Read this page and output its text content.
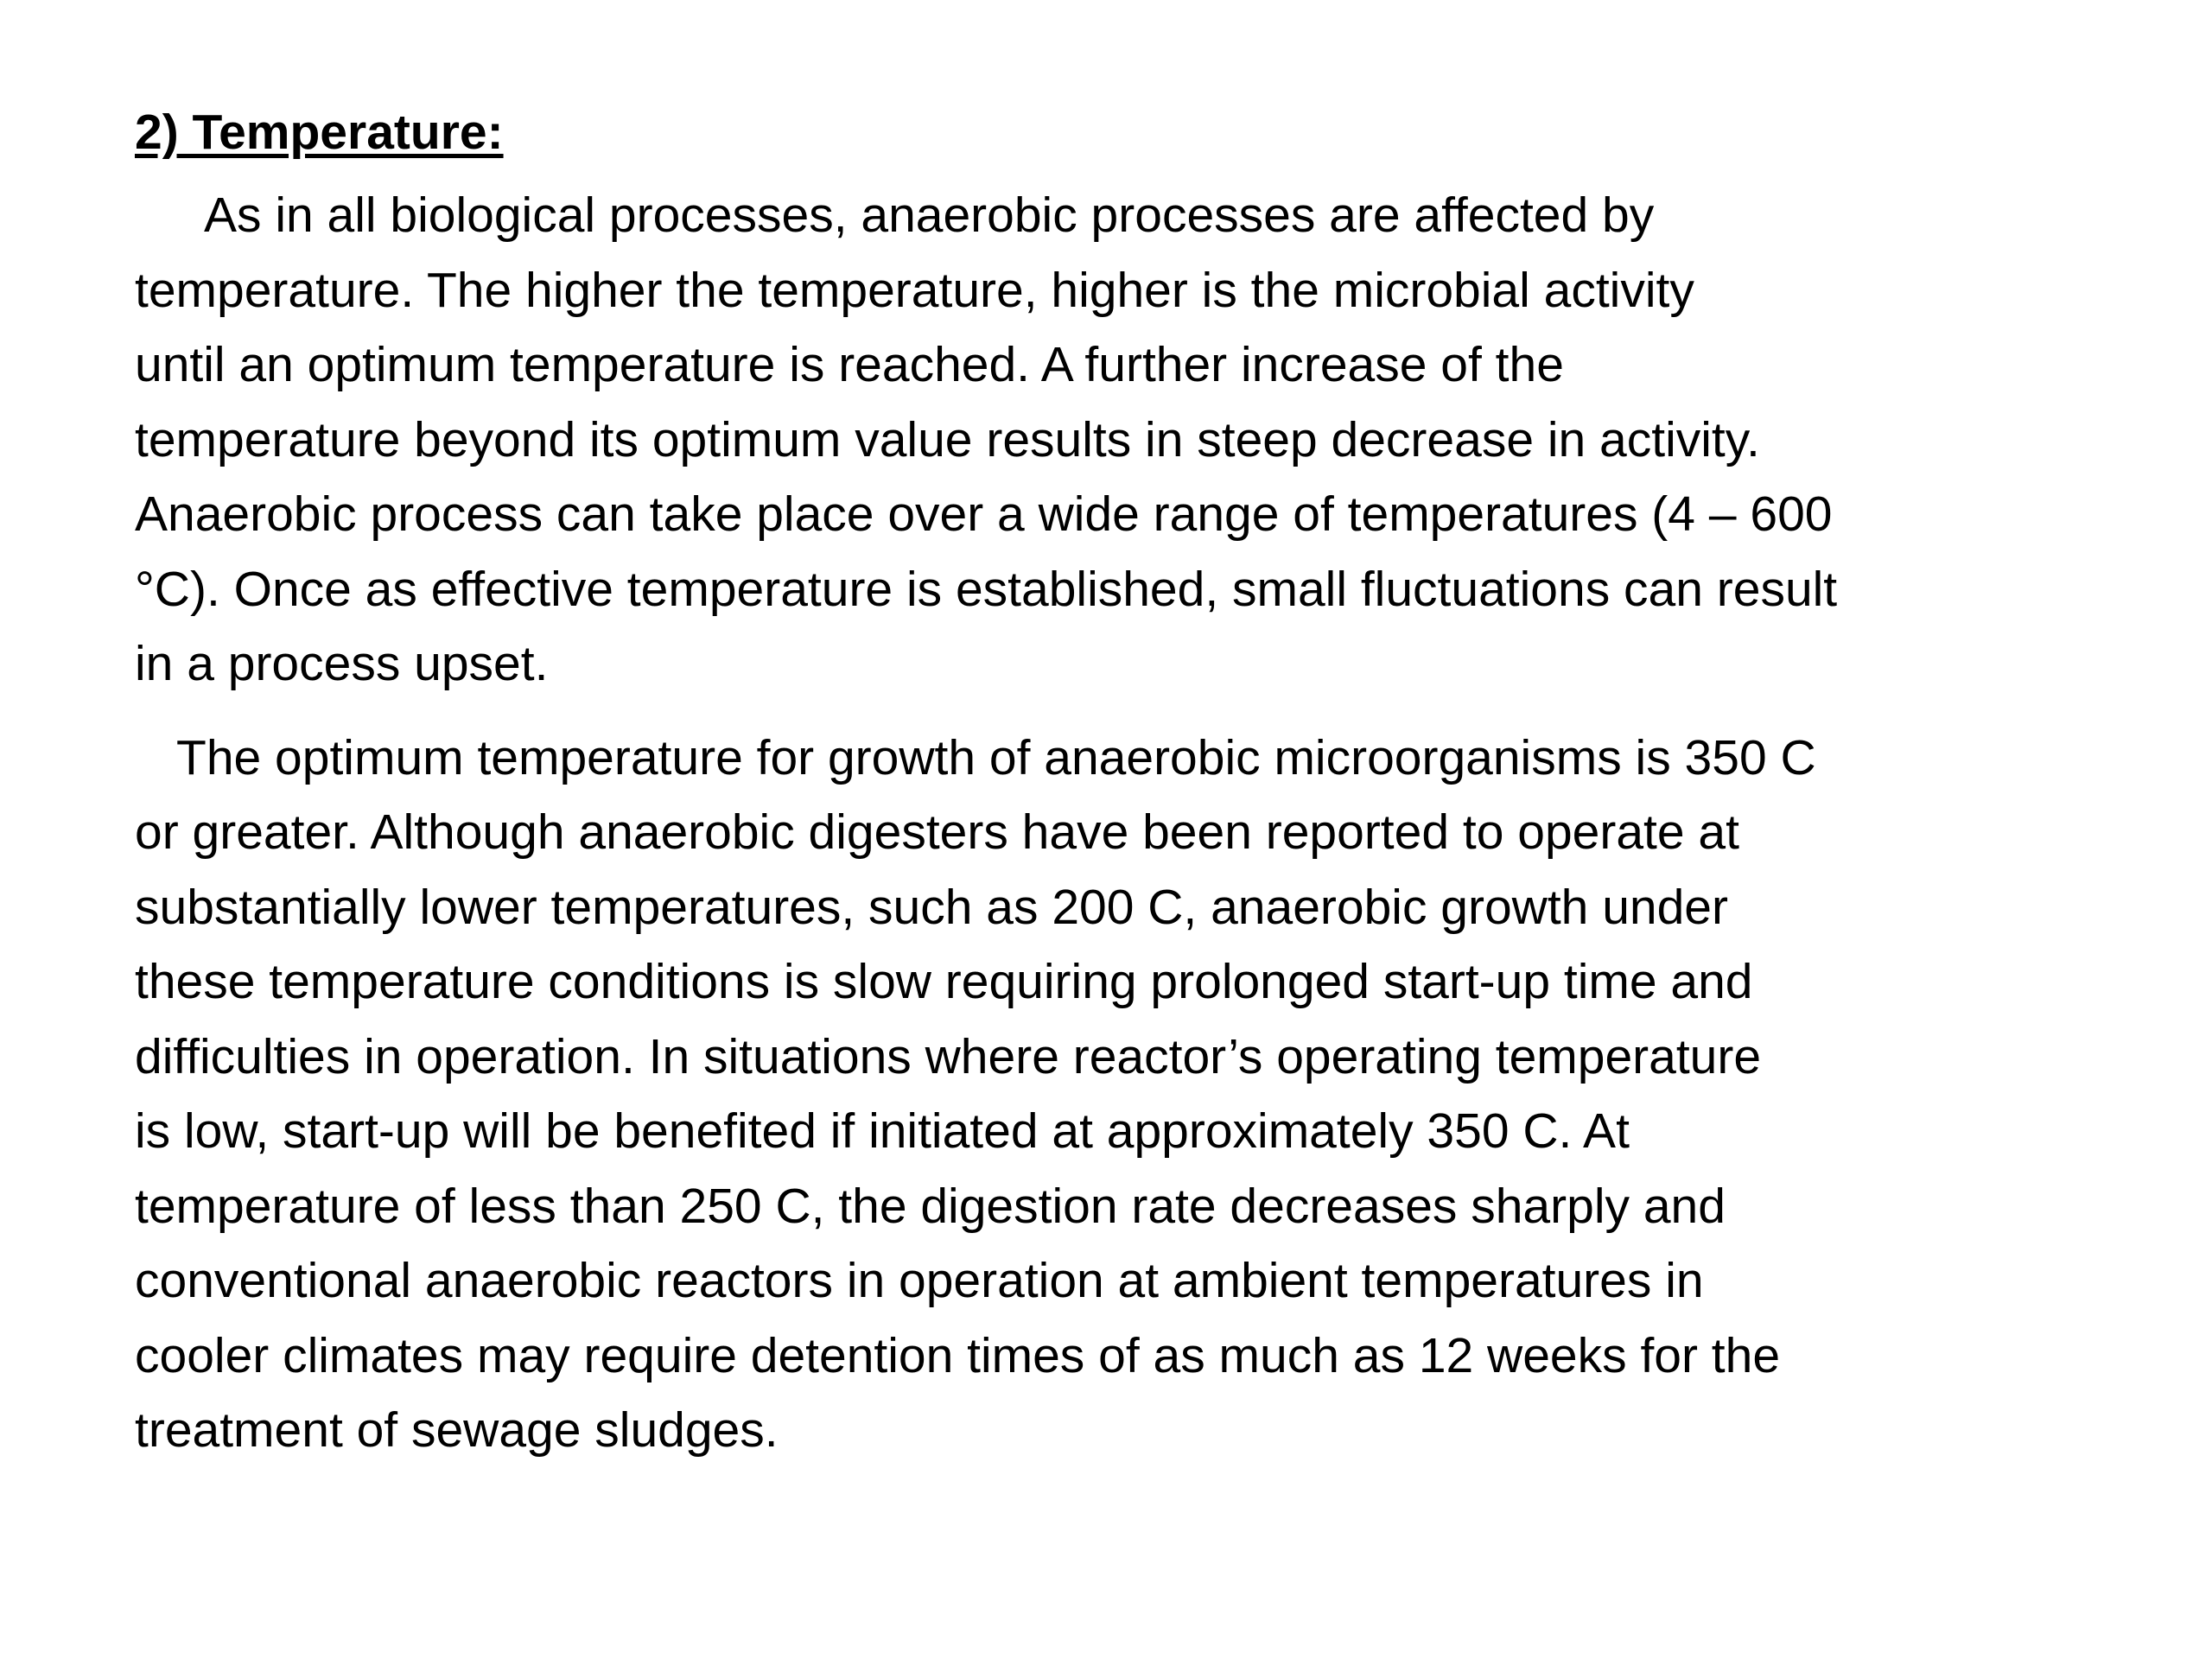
2) Temperature:
As in all biological processes, anaerobic processes are affected by
temperature. The higher the temperature, higher is the microbial activity
until an optimum temperature is reached. A further increase of the
temperature beyond its optimum value results in steep decrease in activity.
Anaerobic process can take place over a wide range of temperatures (4 – 600
°C). Once as effective temperature is established, small fluctuations can result
in a process upset.
The optimum temperature for growth of anaerobic microorganisms is 350 C
or greater. Although anaerobic digesters have been reported to operate at
substantially lower temperatures, such as 200 C, anaerobic growth under
these temperature conditions is slow requiring prolonged start-up time and
difficulties in operation. In situations where reactor’s operating temperature
is low, start-up will be benefited if initiated at approximately 350 C. At
temperature of less than 250 C, the digestion rate decreases sharply and
conventional anaerobic reactors in operation at ambient temperatures in
cooler climates may require detention times of as much as 12 weeks for the
treatment of sewage sludges.
